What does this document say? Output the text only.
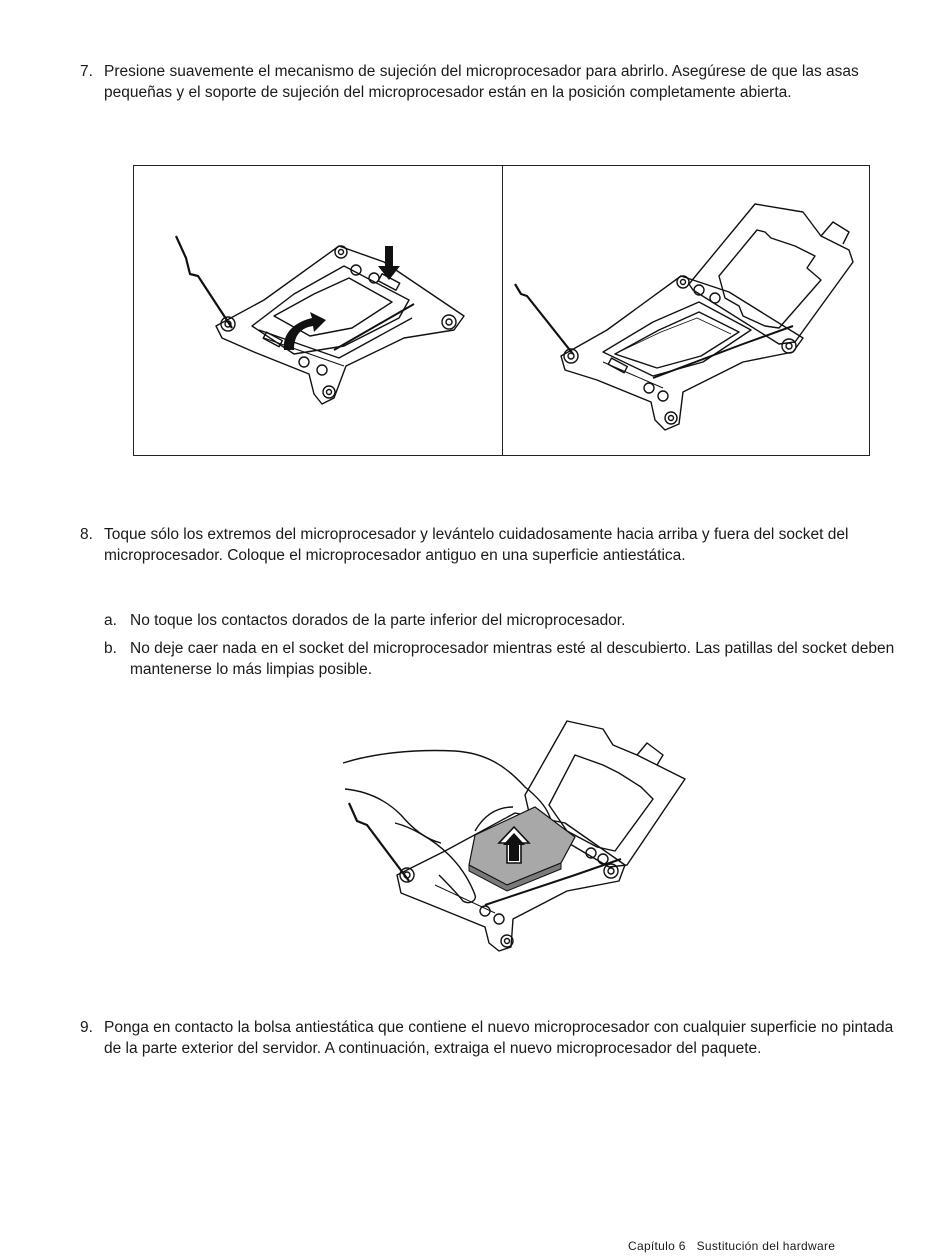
7. Presione suavemente el mecanismo de sujeción del microprocesador para abrirlo. Asegúrese de que las asas pequeñas y el soporte de sujeción del microprocesador están en la posición completamente abierta.
8. Toque sólo los extremos del microprocesador y levántelo cuidadosamente hacia arriba y fuera del socket del microprocesador. Coloque el microprocesador antiguo en una superficie antiestática.
a. No toque los contactos dorados de la parte inferior del microprocesador.
b. No deje caer nada en el socket del microprocesador mientras esté al descubierto. Las patillas del socket deben mantenerse lo más limpias posible.
9. Ponga en contacto la bolsa antiestática que contiene el nuevo microprocesador con cualquier superficie no pintada de la parte exterior del servidor. A continuación, extraiga el nuevo microprocesador del paquete.
Capítulo 6 Sustitución del hardware
